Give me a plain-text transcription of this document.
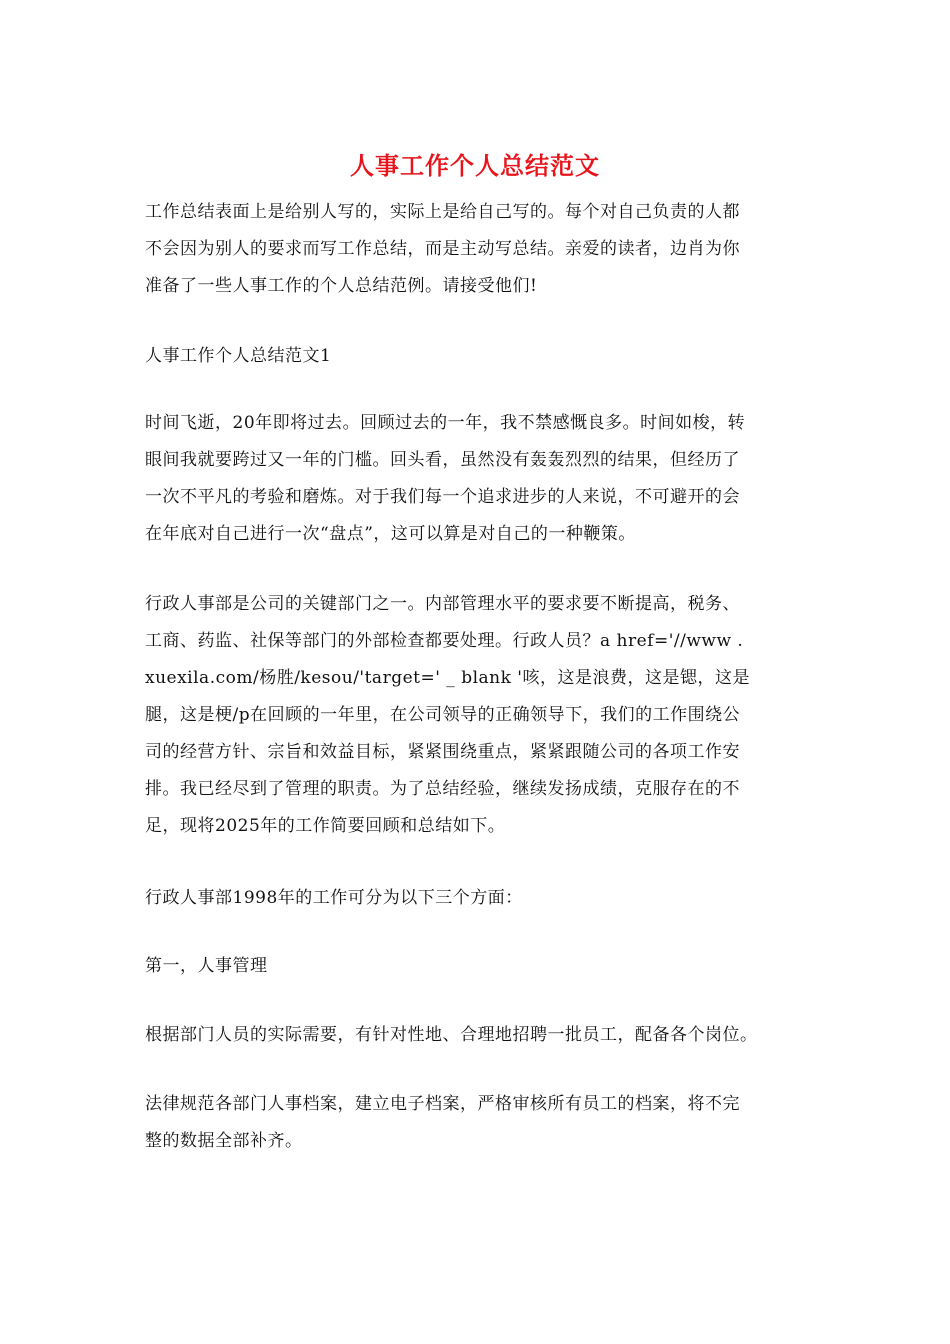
人事工作个人总结范文
工作总结表面上是给别人写的，实际上是给自己写的。每个对自己负责的人都
不会因为别人的要求而写工作总结，而是主动写总结。亲爱的读者，边肖为你
准备了一些人事工作的个人总结范例。请接受他们!
人事工作个人总结范文1
时间飞逝，20年即将过去。回顾过去的一年，我不禁感慨良多。时间如梭，转
眼间我就要跨过又一年的门槛。回头看，虽然没有轰轰烈烈的结果，但经历了
一次不平凡的考验和磨炼。对于我们每一个追求进步的人来说，不可避开的会
在年底对自己进行一次“盘点”，这可以算是对自己的一种鞭策。
行政人事部是公司的关键部门之一。内部管理水平的要求要不断提高，税务、
工商、药监、社保等部门的外部检查都要处理。行政人员？a href='//www .
xuexila.com/杨胜/kesou/'target=' _ blank '咳，这是浪费，这是锶，这是
腿，这是梗/p在回顾的一年里，在公司领导的正确领导下，我们的工作围绕公
司的经营方针、宗旨和效益目标，紧紧围绕重点，紧紧跟随公司的各项工作安
排。我已经尽到了管理的职责。为了总结经验，继续发扬成绩，克服存在的不
足，现将2025年的工作简要回顾和总结如下。
行政人事部1998年的工作可分为以下三个方面：
第一，人事管理
根据部门人员的实际需要，有针对性地、合理地招聘一批员工，配备各个岗位。
法律规范各部门人事档案，建立电子档案，严格审核所有员工的档案，将不完
整的数据全部补齐。
